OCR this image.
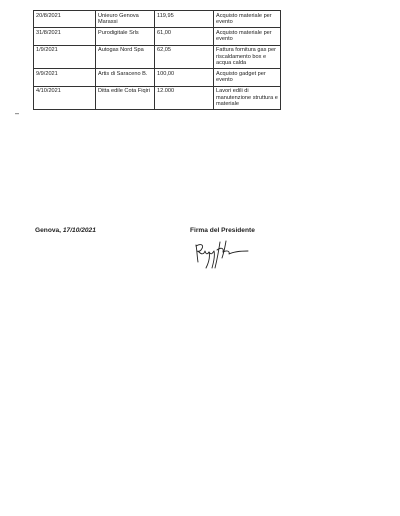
20/8/2021	Unieuro Genova Marassi	119,95	Acquisto materiale per evento
31/8/2021	Purodigitale Srls	61,00	Acquisto materiale per evento
1/9/2021	Autogas Nord Spa	62,05	Fattura fornitura gas per riscaldamento box e acqua calda
9/9/2021	Artis di Saraceno B.	100,00	Acquisto gadget per evento
4/10/2021	Ditta edile Cota Fiqiri	12.000	Lavori edili di manutenzione struttura e materiale
Genova, 17/10/2021	Firma del Presidente
